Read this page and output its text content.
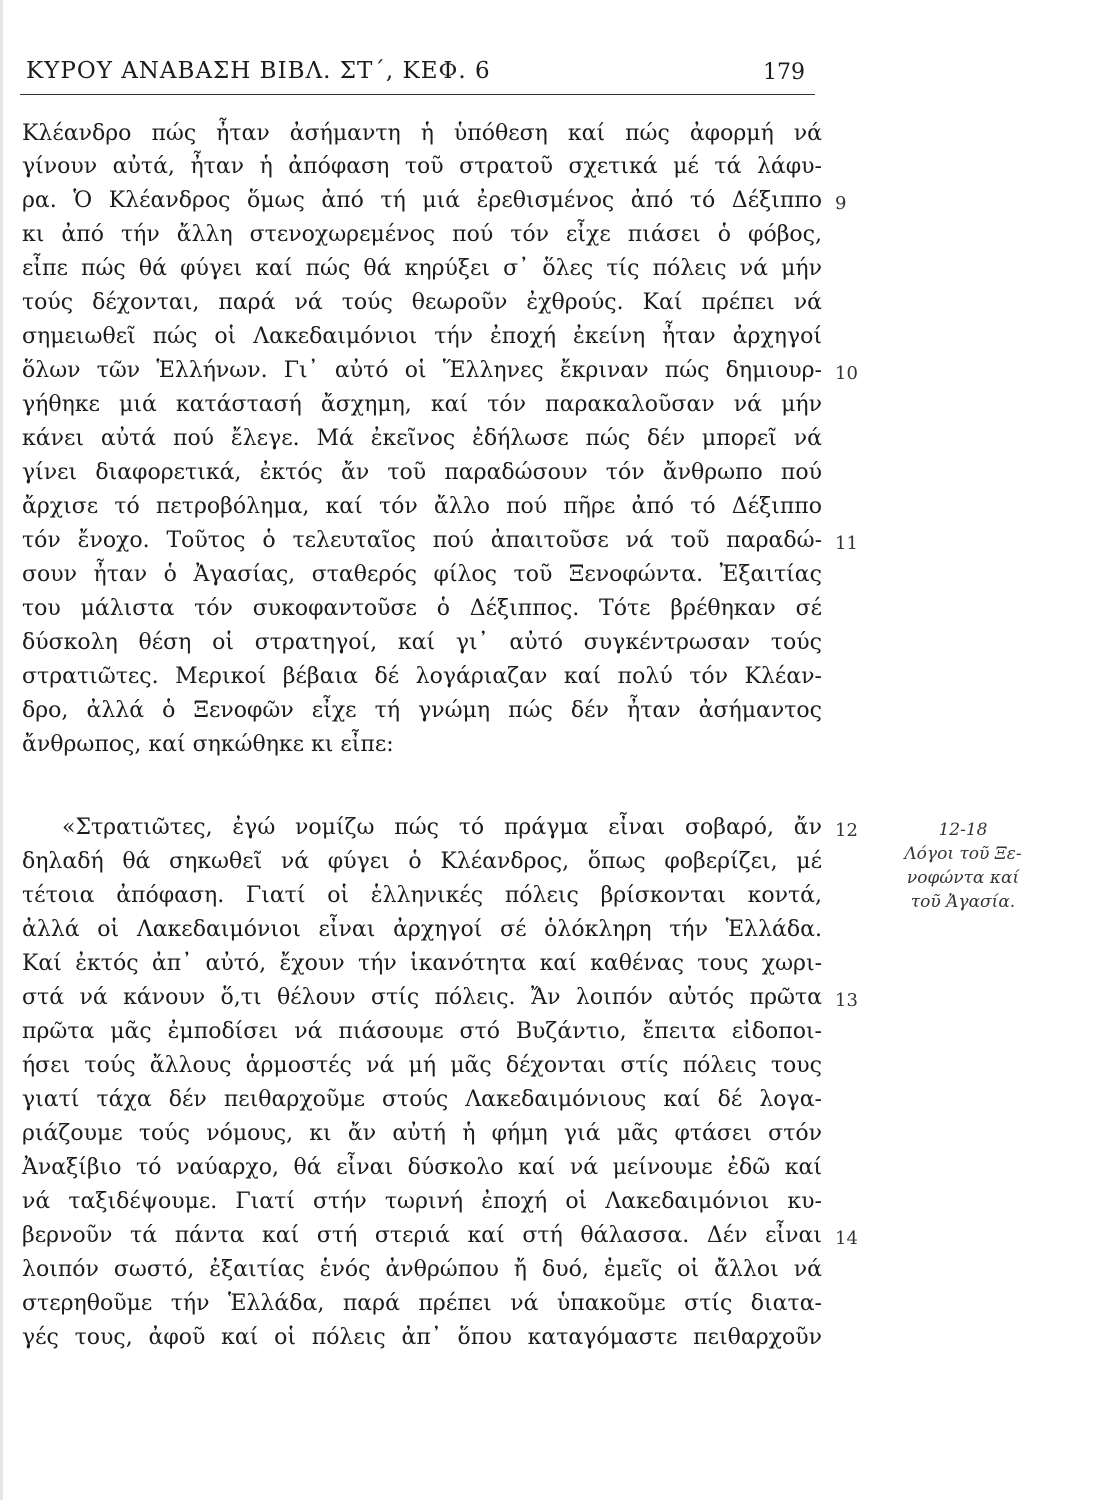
ΚΥΡΟΥ ΑΝΑΒΑΣΗ ΒΙΒΛ. ΣΤ΄, ΚΕΦ. 6	179
Κλέανδρο πώς ἦταν ἀσήμαντη ἡ ὑπόθεση καί πώς ἀφορμή νά
γίνουν αὐτά, ἦταν ἡ ἀπόφαση τοῦ στρατοῦ σχετικά μέ τά λάφυ-
ρα. Ὁ Κλέανδρος ὅμως ἀπό τή μιά ἐρεθισμένος ἀπό τό Δέξιππο
κι ἀπό τήν ἄλλη στενοχωρεμένος πού τόν εἶχε πιάσει ὁ φόβος,
εἶπε πώς θά φύγει καί πώς θά κηρύξει σ᾽ ὅλες τίς πόλεις νά μήν
τούς δέχονται, παρά νά τούς θεωροῦν ἐχθρούς. Καί πρέπει νά
σημειωθεῖ πώς οἱ Λακεδαιμόνιοι τήν ἐποχή ἐκείνη ἦταν ἀρχηγοί
ὅλων τῶν Ἑλλήνων. Γι᾽ αὐτό οἱ Ἕλληνες ἔκριναν πώς δημιουρ-
γήθηκε μιά κατάστασή ἄσχημη, καί τόν παρακαλοῦσαν νά μήν
κάνει αὐτά πού ἔλεγε. Μά ἐκεῖνος ἐδήλωσε πώς δέν μπορεῖ νά
γίνει διαφορετικά, ἐκτός ἄν τοῦ παραδώσουν τόν ἄνθρωπο πού
ἄρχισε τό πετροβόλημα, καί τόν ἄλλο πού πῆρε ἀπό τό Δέξιππο
τόν ἔνοχο. Τοῦτος ὁ τελευταῖος πού ἀπαιτοῦσε νά τοῦ παραδώ-
σουν ἦταν ὁ Ἀγασίας, σταθερός φίλος τοῦ Ξενοφώντα. Ἐξαιτίας
του μάλιστα τόν συκοφαντοῦσε ὁ Δέξιππος. Τότε βρέθηκαν σέ
δύσκολη θέση οἱ στρατηγοί, καί γι᾽ αὐτό συγκέντρωσαν τούς
στρατιῶτες. Μερικοί βέβαια δέ λογάριαζαν καί πολύ τόν Κλέαν-
δρο, ἀλλά ὁ Ξενοφῶν εἶχε τή γνώμη πώς δέν ἦταν ἀσήμαντος
ἄνθρωπος, καί σηκώθηκε κι εἶπε:
«Στρατιῶτες, ἐγώ νομίζω πώς τό πράγμα εἶναι σοβαρό, ἄν
δηλαδή θά σηκωθεῖ νά φύγει ὁ Κλέανδρος, ὅπως φοβερίζει, μέ
τέτοια ἀπόφαση. Γιατί οἱ ἑλληνικές πόλεις βρίσκονται κοντά,
ἀλλά οἱ Λακεδαιμόνιοι εἶναι ἀρχηγοί σέ ὁλόκληρη τήν Ἑλλάδα.
Καί ἐκτός ἀπ᾽ αὐτό, ἔχουν τήν ἱκανότητα καί καθένας τους χωρι-
στά νά κάνουν ὅ,τι θέλουν στίς πόλεις. Ἄν λοιπόν αὐτός πρῶτα
πρῶτα μᾶς ἐμποδίσει νά πιάσουμε στό Βυζάντιο, ἔπειτα εἰδοποι-
ήσει τούς ἄλλους ἁρμοστές νά μή μᾶς δέχονται στίς πόλεις τους
γιατί τάχα δέν πειθαρχοῦμε στούς Λακεδαιμόνιους καί δέ λογα-
ριάζουμε τούς νόμους, κι ἄν αὐτή ἡ φήμη γιά μᾶς φτάσει στόν
Ἀναξίβιο τό ναύαρχο, θά εἶναι δύσκολο καί νά μείνουμε ἐδῶ καί
νά ταξιδέψουμε. Γιατί στήν τωρινή ἐποχή οἱ Λακεδαιμόνιοι κυ-
βερνοῦν τά πάντα καί στή στεριά καί στή θάλασσα. Δέν εἶναι
λοιπόν σωστό, ἐξαιτίας ἑνός ἀνθρώπου ἤ δυό, ἐμεῖς οἱ ἄλλοι νά
στερηθοῦμε τήν Ἑλλάδα, παρά πρέπει νά ὑπακοῦμε στίς διατα-
γές τους, ἀφοῦ καί οἱ πόλεις ἀπ᾽ ὅπου καταγόμαστε πειθαρχοῦν
9
10
11
12
13
14
12-18
Λόγοι τοῦ Ξε-
νοφώντα καί
τοῦ Ἀγασία.
